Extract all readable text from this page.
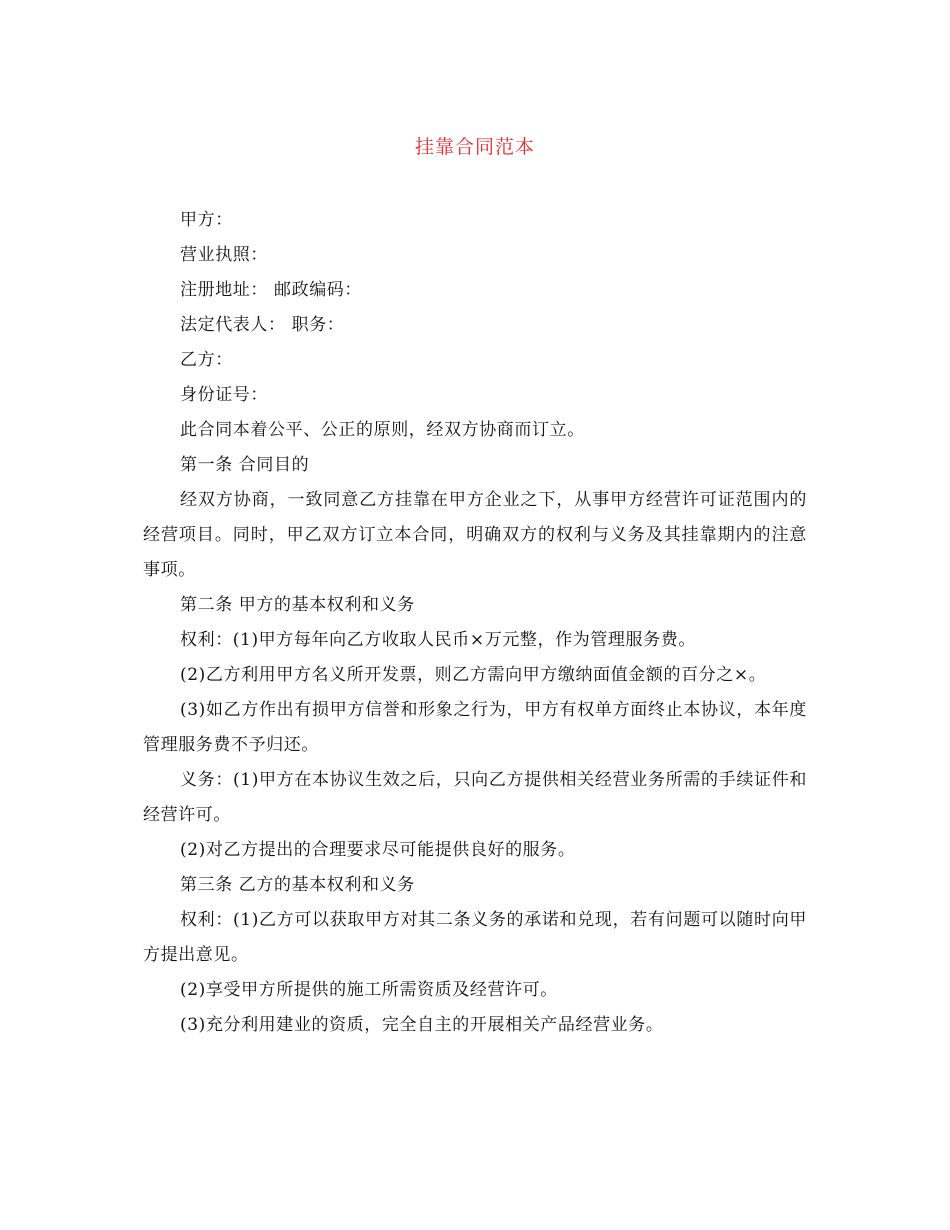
挂靠合同范本

甲方：

营业执照：

注册地址： 邮政编码：

法定代表人： 职务：

乙方：

身份证号：

此合同本着公平、公正的原则，经双方协商而订立。

第一条 合同目的

经双方协商，一致同意乙方挂靠在甲方企业之下，从事甲方经营许可证范围内的经营项目。同时，甲乙双方订立本合同，明确双方的权利与义务及其挂靠期内的注意事项。

第二条 甲方的基本权利和义务

权利：(1)甲方每年向乙方收取人民币×万元整，作为管理服务费。

(2)乙方利用甲方名义所开发票，则乙方需向甲方缴纳面值金额的百分之×。

(3)如乙方作出有损甲方信誉和形象之行为，甲方有权单方面终止本协议，本年度管理服务费不予归还。

义务：(1)甲方在本协议生效之后，只向乙方提供相关经营业务所需的手续证件和经营许可。

(2)对乙方提出的合理要求尽可能提供良好的服务。

第三条 乙方的基本权利和义务

权利：(1)乙方可以获取甲方对其二条义务的承诺和兑现，若有问题可以随时向甲方提出意见。

(2)享受甲方所提供的施工所需资质及经营许可。

(3)充分利用建业的资质，完全自主的开展相关产品经营业务。
